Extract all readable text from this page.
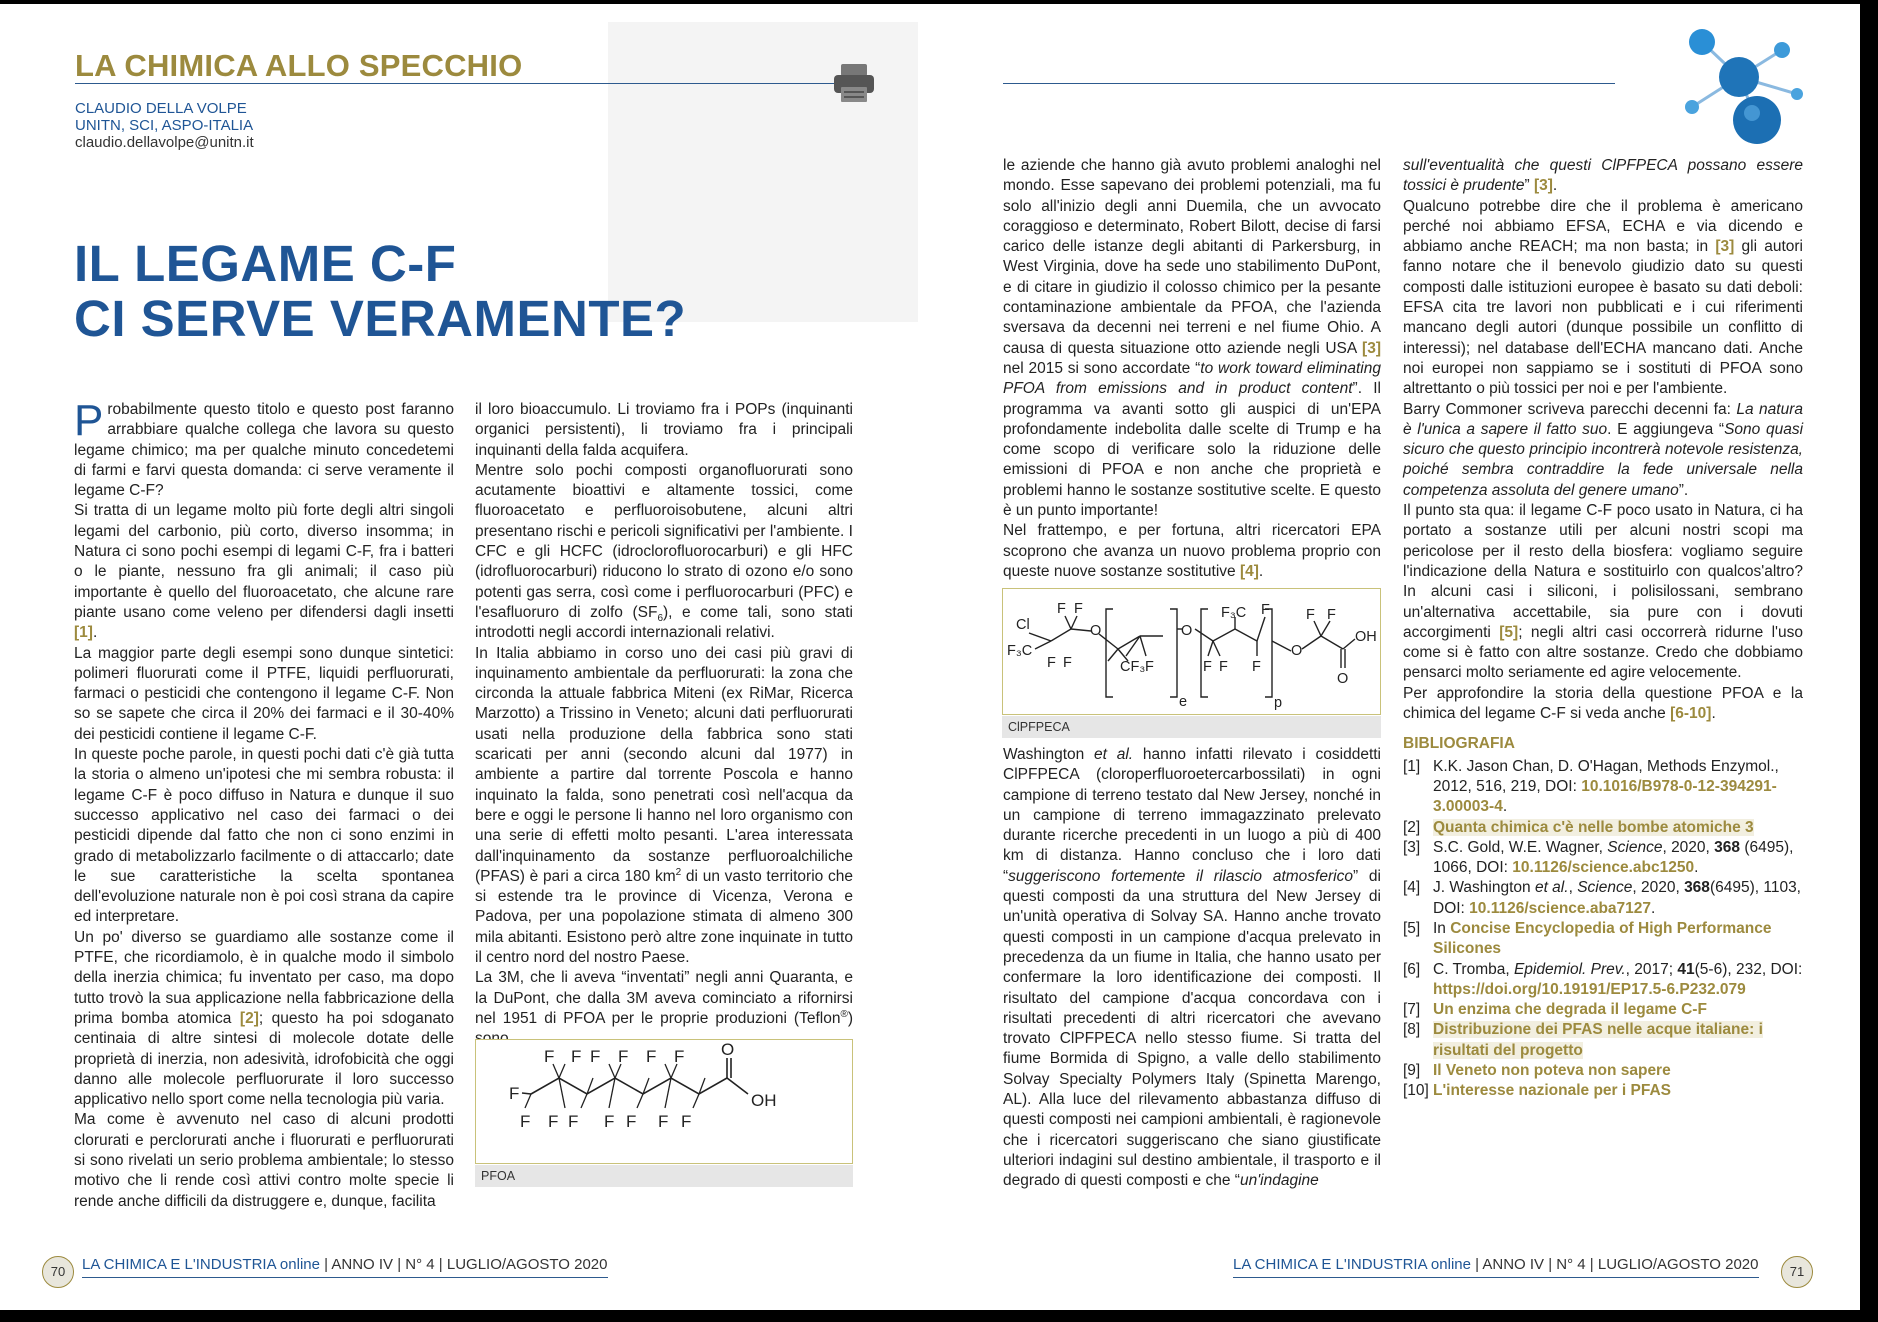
LA CHIMICA ALLO SPECCHIO
CLAUDIO DELLA VOLPE
UNITN, SCI, ASPO-ITALIA
claudio.dellavolpe@unitn.it
IL LEGAME C-F
CI SERVE VERAMENTE?

Probabilmente questo titolo e questo post faranno arrabbiare qualche collega che lavora su questo legame chimico; ma per qualche minuto concedetemi di farmi e farvi questa domanda: ci serve veramente il legame C-F?

Si tratta di un legame molto più forte degli altri singoli legami del carbonio, più corto, diverso insomma; in Natura ci sono pochi esempi di legami C-F, fra i batteri o le piante, nessuno fra gli animali; il caso più importante è quello del fluoroacetato, che alcune rare piante usano come veleno per difendersi dagli insetti [1].

La maggior parte degli esempi sono dunque sintetici: polimeri fluorurati come il PTFE, liquidi perfluorurati, farmaci o pesticidi che contengono il legame C-F. Non so se sapete che circa il 20% dei farmaci e il 30-40% dei pesticidi contiene il legame C-F.

In queste poche parole, in questi pochi dati c'è già tutta la storia o almeno un'ipotesi che mi sembra robusta: il legame C-F è poco diffuso in Natura e dunque il suo successo applicativo nel caso dei farmaci o dei pesticidi dipende dal fatto che non ci sono enzimi in grado di metabolizzarlo facilmente o di attaccarlo; date le sue caratteristiche la scelta spontanea dell'evoluzione naturale non è poi così strana da capire ed interpretare.

Un po' diverso se guardiamo alle sostanze come il PTFE, che ricordiamolo, è in qualche modo il simbolo della inerzia chimica; fu inventato per caso, ma dopo tutto trovò la sua applicazione nella fabbricazione della prima bomba atomica [2]; questo ha poi sdoganato centinaia di altre sintesi di molecole dotate delle proprietà di inerzia, non adesività, idrofobicità che oggi danno alle molecole perfluorurate il loro successo applicativo nello sport come nella tecnologia più varia.

Ma come è avvenuto nel caso di alcuni prodotti clorurati e perclorurati anche i fluorurati e perfluorurati si sono rivelati un serio problema ambientale; lo stesso motivo che li rende così attivi contro molte specie li rende anche difficili da distruggere e, dunque, facilita

il loro bioaccumulo. Li troviamo fra i POPs (inquinanti organici persistenti), li troviamo fra i principali inquinanti della falda acquifera.

Mentre solo pochi composti organofluorurati sono acutamente bioattivi e altamente tossici, come fluoroacetato e perfluoroisobutene, alcuni altri presentano rischi e pericoli significativi per l'ambiente. I CFC e gli HCFC (idroclorofluorocarburi) e gli HFC (idrofluorocarburi) riducono lo strato di ozono e/o sono potenti gas serra, così come i perfluorocarburi (PFC) e l'esafluoruro di zolfo $(SF_6)$, e come tali, sono stati introdotti negli accordi internazionali relativi.

In Italia abbiamo in corso uno dei casi più gravi di inquinamento ambientale da perfluorurati: la zona che circonda la attuale fabbrica Miteni (ex RiMar, Ricerca Marzotto) a Trissino in Veneto; alcuni dati perfluorurati usati nella produzione della fabbrica sono stati scaricati per anni (secondo alcuni dal 1977) in ambiente a partire dal torrente Poscola e hanno inquinato la falda, sono penetrati così nell'acqua da bere e oggi le persone li hanno nel loro organismo con una serie di effetti molto pesanti. L'area interessata dall'inquinamento da sostanze perfluoroalchiliche (PFAS) è pari a circa 180 $km^2$ di un vasto territorio che si estende tra le province di Vicenza, Verona e Padova, per una popolazione stimata di almeno 300 mila abitanti. Esistono però altre zone inquinate in tutto il centro nord del nostro Paese.

La 3M, che li aveva “inventati” negli anni Quaranta, e la DuPont, che dalla 3M aveva cominciato a rifornirsi nel 1951 di PFOA per le proprie produzioni (Teflon®)

F F F F F F
F
F F F F F F F
O
OH
PFOA
70	LA CHIMICA E L'INDUSTRIA online | ANNO IV | N° 4 | LUGLIO/AGOSTO 2020

le aziende che hanno già avuto problemi analoghi nel mondo. Esse sapevano dei problemi potenziali, ma fu solo all'inizio degli anni Duemila, che un avvocato coraggioso e determinato, Robert Bilott, decise di farsi carico delle istanze degli abitanti di Parkersburg, in West Virginia, dove ha sede uno stabilimento DuPont, e di citare in giudizio il colosso chimico per la pesante contaminazione ambientale da PFOA, che l'azienda sversava da decenni nei terreni e nel fiume Ohio. A causa di questa situazione otto aziende negli USA [3] nel 2015 si sono accordate “to work toward eliminating PFOA from emissions and in product content”. Il programma va avanti sotto gli auspici di un'EPA profondamente indebolita dalle scelte di Trump e ha come scopo di verificare solo la riduzione delle emissioni di PFOA e non anche che proprietà e problemi hanno le sostanze sostitutive scelte. E questo è un punto importante!

Nel frattempo, e per fortuna, altri ricercatori EPA scoprono che avanza un nuovo problema proprio con queste nuove sostanze sostitutive [4].

Cl
F F
F₃C
F F
O
CF₃ F
O
e
F₃C F
F F F
p
O
F F
OH
O
ClPFPECA

Washington et al. hanno infatti rilevato i cosiddetti ClPFPECA (cloroperfluoroetercarbossilati) in ogni campione di terreno testato dal New Jersey, nonché in un campione di terreno immagazzinato prelevato durante ricerche precedenti in un luogo a più di 400 km di distanza. Hanno concluso che i loro dati “suggeriscono fortemente il rilascio atmosferico” di questi composti da una struttura del New Jersey di un'unità operativa di Solvay SA. Hanno anche trovato questi composti in un campione d'acqua prelevato in precedenza da un fiume in Italia, che hanno usato per confermare la loro identificazione dei composti. Il risultato del campione d'acqua concordava con i risultati precedenti di altri ricercatori che avevano trovato ClPFPECA nello stesso fiume. Si tratta del fiume Bormida di Spigno, a valle dello stabilimento Solvay Specialty Polymers Italy (Spinetta Marengo, AL). Alla luce del rilevamento abbastanza diffuso di questi composti nei campioni ambientali, è ragionevole che i ricercatori suggeriscano che siano giustificate ulteriori indagini sul destino ambientale, il trasporto e il degrado di questi composti e che “un'indagine

sull'eventualità che questi ClPFPECA possano essere tossici è prudente” [3].

Qualcuno potrebbe dire che il problema è americano perché noi abbiamo EFSA, ECHA e via dicendo e abbiamo anche REACH; ma non basta; in [3] gli autori fanno notare che il benevolo giudizio dato su questi composti dalle istituzioni europee è basato su dati deboli: EFSA cita tre lavori non pubblicati e i cui riferimenti mancano degli autori (dunque possibile un conflitto di interessi); nel database dell'ECHA mancano dati. Anche noi europei non sappiamo se i sostituti di PFOA sono altrettanto o più tossici per noi e per l'ambiente.

Barry Commoner scriveva parecchi decenni fa: La natura è l'unica a sapere il fatto suo. E aggiungeva “Sono quasi sicuro che questo principio incontrerà notevole resistenza, poiché sembra contraddire la fede universale nella competenza assoluta del genere umano”.

Il punto sta qua: il legame C-F poco usato in Natura, ci ha portato a sostanze utili per alcuni nostri scopi ma pericolose per il resto della biosfera: vogliamo seguire l'indicazione della Natura e sostituirlo con qualcos'altro? In alcuni casi i siliconi, i polisilossani, sembrano un'alternativa accettabile, sia pure con i dovuti accorgimenti [5]; negli altri casi occorrerà ridurne l'uso come si è fatto con altre sostanze. Credo che dobbiamo pensarci molto seriamente ed agire velocemente.

Per approfondire la storia della questione PFOA e la chimica del legame C-F si veda anche [6-10].

BIBLIOGRAFIA
[1] K.K. Jason Chan, D. O'Hagan, Methods Enzymol., 2012, 516, 219, DOI: 10.1016/B978-0-12-394291-3.00003-4.
[2] Quanta chimica c'è nelle bombe atomiche 3
[3] S.C. Gold, W.E. Wagner, Science, 2020, 368 (6495), 1066, DOI: 10.1126/science.abc1250.
[4] J. Washington et al., Science, 2020, 368(6495), 1103, DOI: 10.1126/science.aba7127.
[5] In Concise Encyclopedia of High Performance Silicones
[6] C. Tromba, Epidemiol. Prev., 2017; 41(5-6), 232, DOI: https://doi.org/10.19191/EP17.5-6.P232.079
[7] Un enzima che degrada il legame C-F
[8] Distribuzione dei PFAS nelle acque italiane: i risultati del progetto
[9] Il Veneto non poteva non sapere
[10] L'interesse nazionale per i PFAS
LA CHIMICA E L'INDUSTRIA online | ANNO IV | N° 4 | LUGLIO/AGOSTO 2020	71
